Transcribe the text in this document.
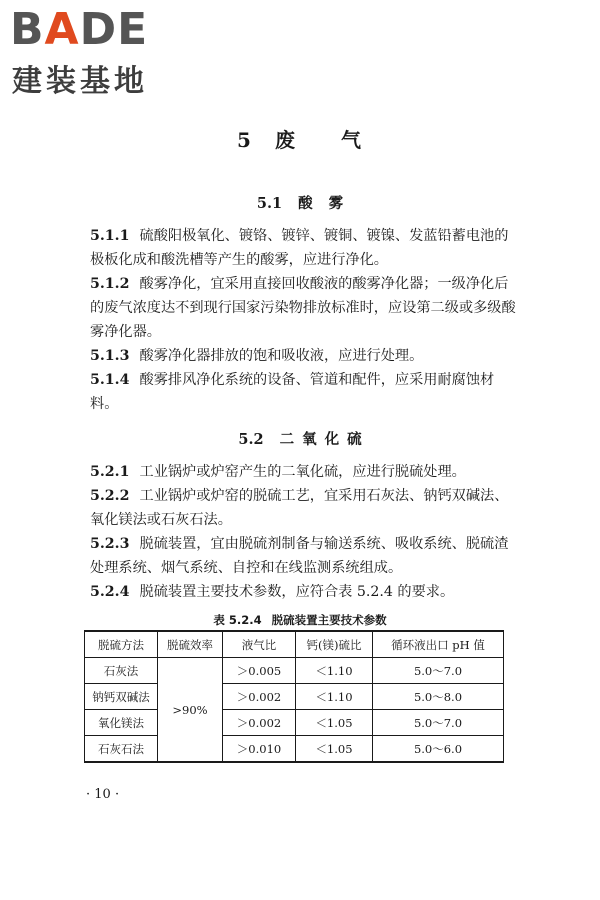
BADE
建装基地
5 废 气
5.1 酸 雾

5.1.1 硫酸阳极氧化、镀铬、镀锌、镀铜、镀镍、发蓝铅蓄电池的极板化成和酸洗槽等产生的酸雾，应进行净化。

5.1.2 酸雾净化，宜采用直接回收酸液的酸雾净化器；一级净化后的废气浓度达不到现行国家污染物排放标准时，应设第二级或多级酸雾净化器。

5.1.3 酸雾净化器排放的饱和吸收液，应进行处理。

5.1.4 酸雾排风净化系统的设备、管道和配件，应采用耐腐蚀材料。

5.2 二 氧 化 硫

5.2.1 工业锅炉或炉窑产生的二氧化硫，应进行脱硫处理。

5.2.2 工业锅炉或炉窑的脱硫工艺，宜采用石灰法、钠钙双碱法、氧化镁法或石灰石法。

5.2.3 脱硫装置，宜由脱硫剂制备与输送系统、吸收系统、脱硫渣处理系统、烟气系统、自控和在线监测系统组成。

5.2.4 脱硫装置主要技术参数，应符合表 5.2.4 的要求。

表 5.2.4 脱硫装置主要技术参数
脱硫方法	脱硫效率	液气比	钙(镁)硫比	循环液出口 pH 值
石灰法	>90%	＞0.005	＜1.10	5.0～7.0
钠钙双碱法		＞0.002	＜1.10	5.0～8.0
氧化镁法		＞0.002	＜1.05	5.0～7.0
石灰石法		＞0.010	＜1.05	5.0～6.0
· 10 ·
